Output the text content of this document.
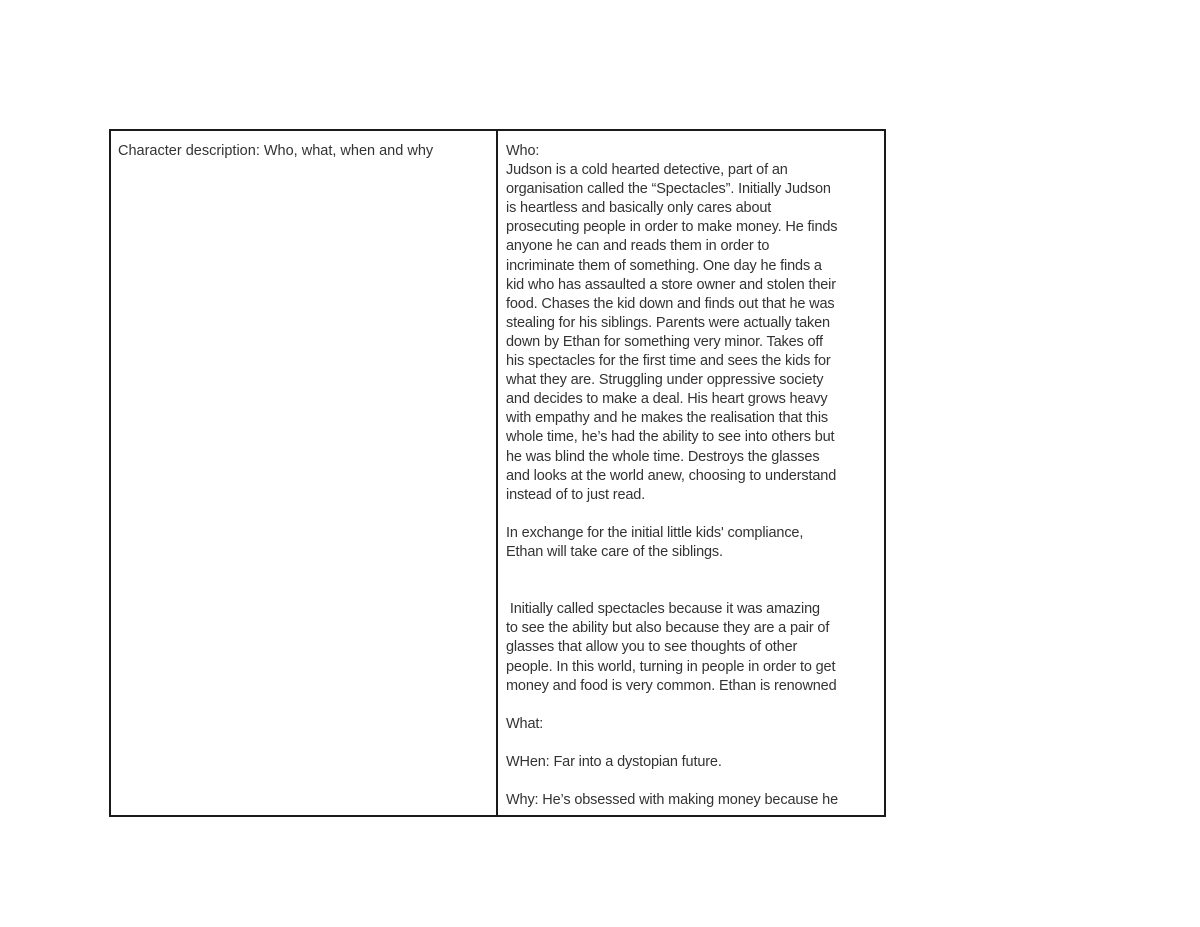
Character description: Who, what, when and why	Who:
Judson is a cold hearted detective, part of an
organisation called the “Spectacles”. Initially Judson
is heartless and basically only cares about
prosecuting people in order to make money. He finds
anyone he can and reads them in order to
incriminate them of something. One day he finds a
kid who has assaulted a store owner and stolen their
food. Chases the kid down and finds out that he was
stealing for his siblings. Parents were actually taken
down by Ethan for something very minor. Takes off
his spectacles for the first time and sees the kids for
what they are. Struggling under oppressive society
and decides to make a deal. His heart grows heavy
with empathy and he makes the realisation that this
whole time, he’s had the ability to see into others but
he was blind the whole time. Destroys the glasses
and looks at the world anew, choosing to understand
instead of to just read.
In exchange for the initial little kids' compliance,
Ethan will take care of the siblings.
Initially called spectacles because it was amazing
to see the ability but also because they are a pair of
glasses that allow you to see thoughts of other
people. In this world, turning in people in order to get
money and food is very common. Ethan is renowned
What:
WHen: Far into a dystopian future.
Why: He’s obsessed with making money because he
